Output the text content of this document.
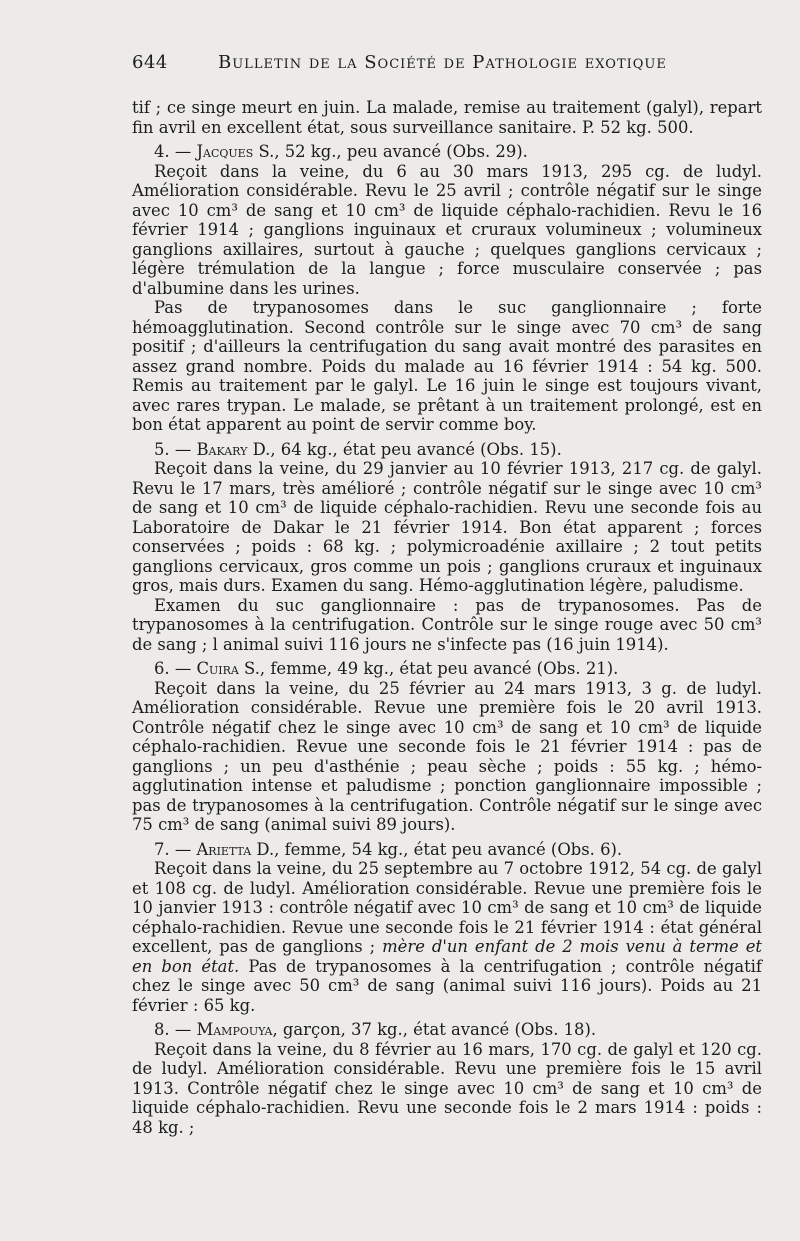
644	Bulletin de la Société de Pathologie exotique

tif ; ce singe meurt en juin. La malade, remise au traitement (galyl), repart fin avril en excellent état, sous surveillance sanitaire. P. 52 kg. 500.

4. — Jacques S., 52 kg., peu avancé (Obs. 29).

Reçoit dans la veine, du 6 au 30 mars 1913, 295 cg. de ludyl. Amélioration considérable. Revu le 25 avril ; contrôle négatif sur le singe avec 10 cm³ de sang et 10 cm³ de liquide céphalo-rachidien. Revu le 16 février 1914 ; ganglions inguinaux et cruraux volumineux ; volumineux ganglions axillaires, surtout à gauche ; quelques ganglions cervicaux ; légère trémulation de la langue ; force musculaire conservée ; pas d'albumine dans les urines.

Pas de trypanosomes dans le suc ganglionnaire ; forte hémoagglutination. Second contrôle sur le singe avec 70 cm³ de sang positif ; d'ailleurs la centrifugation du sang avait montré des parasites en assez grand nombre. Poids du malade au 16 février 1914 : 54 kg. 500. Remis au traitement par le galyl. Le 16 juin le singe est toujours vivant, avec rares trypan. Le malade, se prêtant à un traitement prolongé, est en bon état apparent au point de servir comme boy.

5. — Bakary D., 64 kg., état peu avancé (Obs. 15).

Reçoit dans la veine, du 29 janvier au 10 février 1913, 217 cg. de galyl. Revu le 17 mars, très amélioré ; contrôle négatif sur le singe avec 10 cm³ de sang et 10 cm³ de liquide céphalo-rachidien. Revu une seconde fois au Laboratoire de Dakar le 21 février 1914. Bon état apparent ; forces conservées ; poids : 68 kg. ; polymicroadénie axillaire ; 2 tout petits ganglions cervicaux, gros comme un pois ; ganglions cruraux et inguinaux gros, mais durs. Examen du sang. Hémo-agglutination légère, paludisme.

Examen du suc ganglionnaire : pas de trypanosomes. Pas de trypanosomes à la centrifugation. Contrôle sur le singe rouge avec 50 cm³ de sang ; l animal suivi 116 jours ne s'infecte pas (16 juin 1914).

6. — Cuira S., femme, 49 kg., état peu avancé (Obs. 21).

Reçoit dans la veine, du 25 février au 24 mars 1913, 3 g. de ludyl. Amélioration considérable. Revue une première fois le 20 avril 1913. Contrôle négatif chez le singe avec 10 cm³ de sang et 10 cm³ de liquide céphalo-rachidien. Revue une seconde fois le 21 février 1914 : pas de ganglions ; un peu d'asthénie ; peau sèche ; poids : 55 kg. ; hémo-agglutination intense et paludisme ; ponction ganglionnaire impossible ; pas de trypanosomes à la centrifugation. Contrôle négatif sur le singe avec 75 cm³ de sang (animal suivi 89 jours).

7. — Arietta D., femme, 54 kg., état peu avancé (Obs. 6).

Reçoit dans la veine, du 25 septembre au 7 octobre 1912, 54 cg. de galyl et 108 cg. de ludyl. Amélioration considérable. Revue une première fois le 10 janvier 1913 : contrôle négatif avec 10 cm³ de sang et 10 cm³ de liquide céphalo-rachidien. Revue une seconde fois le 21 février 1914 : état général excellent, pas de ganglions ; mère d'un enfant de 2 mois venu à terme et en bon état. Pas de trypanosomes à la centrifugation ; contrôle négatif chez le singe avec 50 cm³ de sang (animal suivi 116 jours). Poids au 21 février : 65 kg.

8. — Mampouya, garçon, 37 kg., état avancé (Obs. 18).

Reçoit dans la veine, du 8 février au 16 mars, 170 cg. de galyl et 120 cg. de ludyl. Amélioration considérable. Revu une première fois le 15 avril 1913. Contrôle négatif chez le singe avec 10 cm³ de sang et 10 cm³ de liquide céphalo-rachidien. Revu une seconde fois le 2 mars 1914 : poids : 48 kg. ;
